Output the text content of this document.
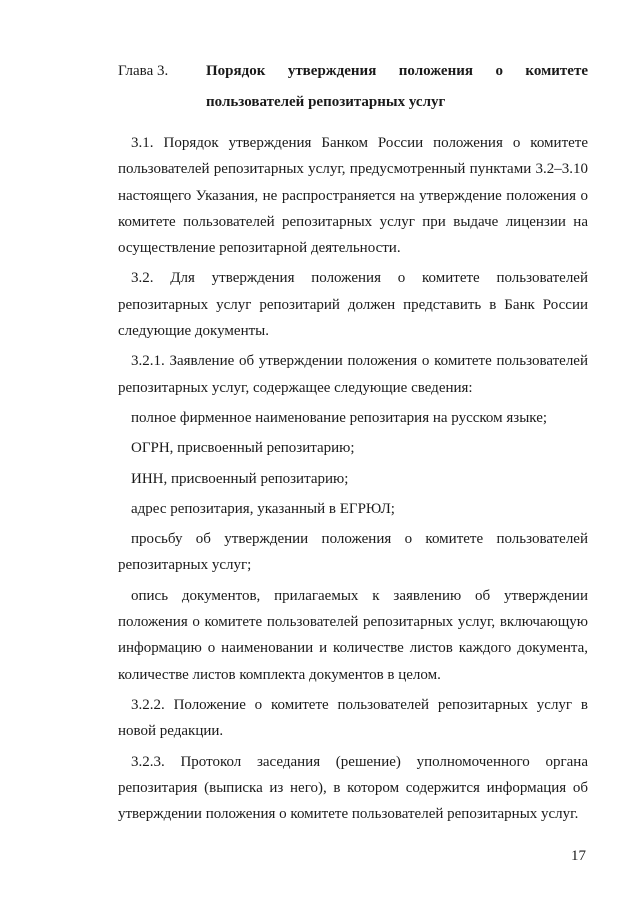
Глава 3.	Порядок утверждения положения о комитете
пользователей репозитарных услуг

3.1. Порядок утверждения Банком России положения о комитете пользователей репозитарных услуг, предусмотренный пунктами 3.2–3.10 настоящего Указания, не распространяется на утверждение положения о комитете пользователей репозитарных услуг при выдаче лицензии на осуществление репозитарной деятельности.

3.2. Для утверждения положения о комитете пользователей репозитарных услуг репозитарий должен представить в Банк России следующие документы.

3.2.1. Заявление об утверждении положения о комитете пользователей репозитарных услуг, содержащее следующие сведения:

полное фирменное наименование репозитария на русском языке;

ОГРН, присвоенный репозитарию;

ИНН, присвоенный репозитарию;

адрес репозитария, указанный в ЕГРЮЛ;

просьбу об утверждении положения о комитете пользователей репозитарных услуг;

опись документов, прилагаемых к заявлению об утверждении положения о комитете пользователей репозитарных услуг, включающую информацию о наименовании и количестве листов каждого документа, количестве листов комплекта документов в целом.

3.2.2. Положение о комитете пользователей репозитарных услуг в новой редакции.

3.2.3. Протокол заседания (решение) уполномоченного органа репозитария (выписка из него), в котором содержится информация об утверждении положения о комитете пользователей репозитарных услуг.

17
